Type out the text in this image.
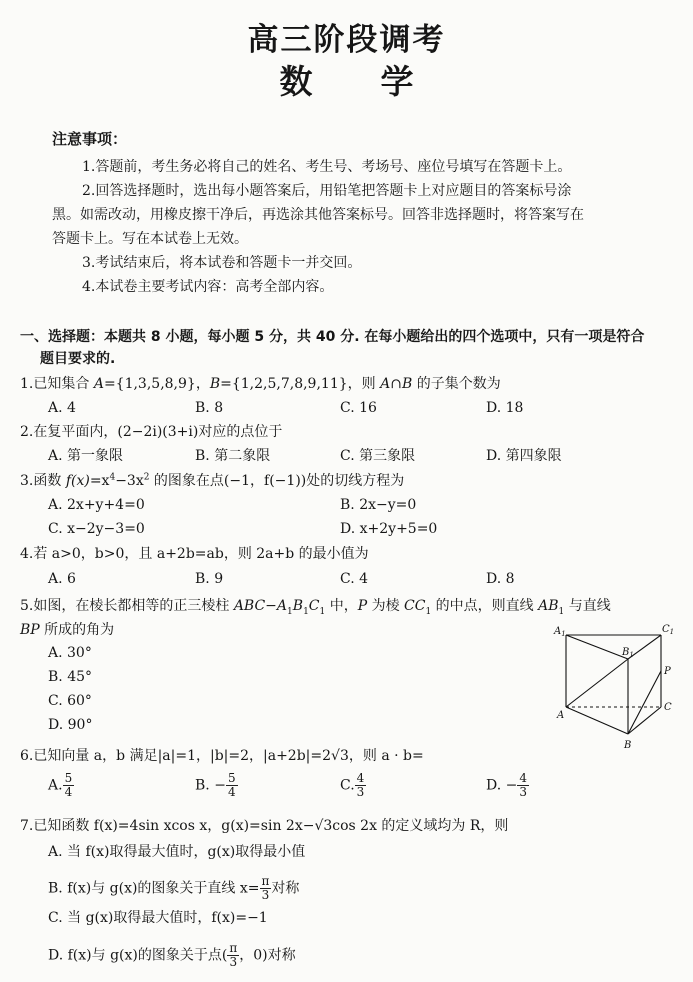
高三阶段调考
数 学
注意事项：
1.答题前，考生务必将自己的姓名、考生号、考场号、座位号填写在答题卡上。
2.回答选择题时，选出每小题答案后，用铅笔把答题卡上对应题目的答案标号涂
黑。如需改动，用橡皮擦干净后，再选涂其他答案标号。回答非选择题时，将答案写在
答题卡上。写在本试卷上无效。
3.考试结束后，将本试卷和答题卡一并交回。
4.本试卷主要考试内容：高考全部内容。
一、选择题：本题共 8 小题，每小题 5 分，共 40 分. 在每小题给出的四个选项中，只有一项是符合
题目要求的.
1.已知集合 A={1,3,5,8,9}，B={1,2,5,7,8,9,11}，则 A∩B 的子集个数为
A. 4	B. 8	C. 16	D. 18
2.在复平面内，(2−2i)(3+i)对应的点位于
A. 第一象限	B. 第二象限	C. 第三象限	D. 第四象限
3.函数 $f(x)=x^4-3x^2$ 的图象在点(−1，f(−1))处的切线方程为
A. 2x+y+4=0	B. 2x−y=0
C. x−2y−3=0	D. x+2y+5=0
4.若 a>0，b>0，且 a+2b=ab，则 2a+b 的最小值为
A. 6	B. 9	C. 4	D. 8
5.如图，在棱长都相等的正三棱柱 $ABC-A_1B_1C_1$ 中，P 为棱 $CC_1$ 的中点，则直线 $AB_1$ 与直线
BP 所成的角为
A. 30°
B. 45°
C. 60°
D. 90°
$A_1$	$C_1$
$B_1$
P
A
C
B
6.已知向量 a，b 满足|a|=1，|b|=2，|a+2b|=2√3，则 a · b=
A. $\frac{5}{4}$	B. − $\frac{5}{4}$	C. $\frac{4}{3}$	D. − $\frac{4}{3}$
7.已知函数 f(x)=4sin xcos x，g(x)=sin 2x−√3cos 2x 的定义域均为 R，则
A. 当 f(x)取得最大值时，g(x)取得最小值
B. f(x)与 g(x)的图象关于直线 $x= \frac{\pi}{3}$ 对称
C. 当 g(x)取得最大值时，f(x)=−1
D. f(x)与 g(x)的图象关于点( $\frac{\pi}{3}$ ，0)对称
